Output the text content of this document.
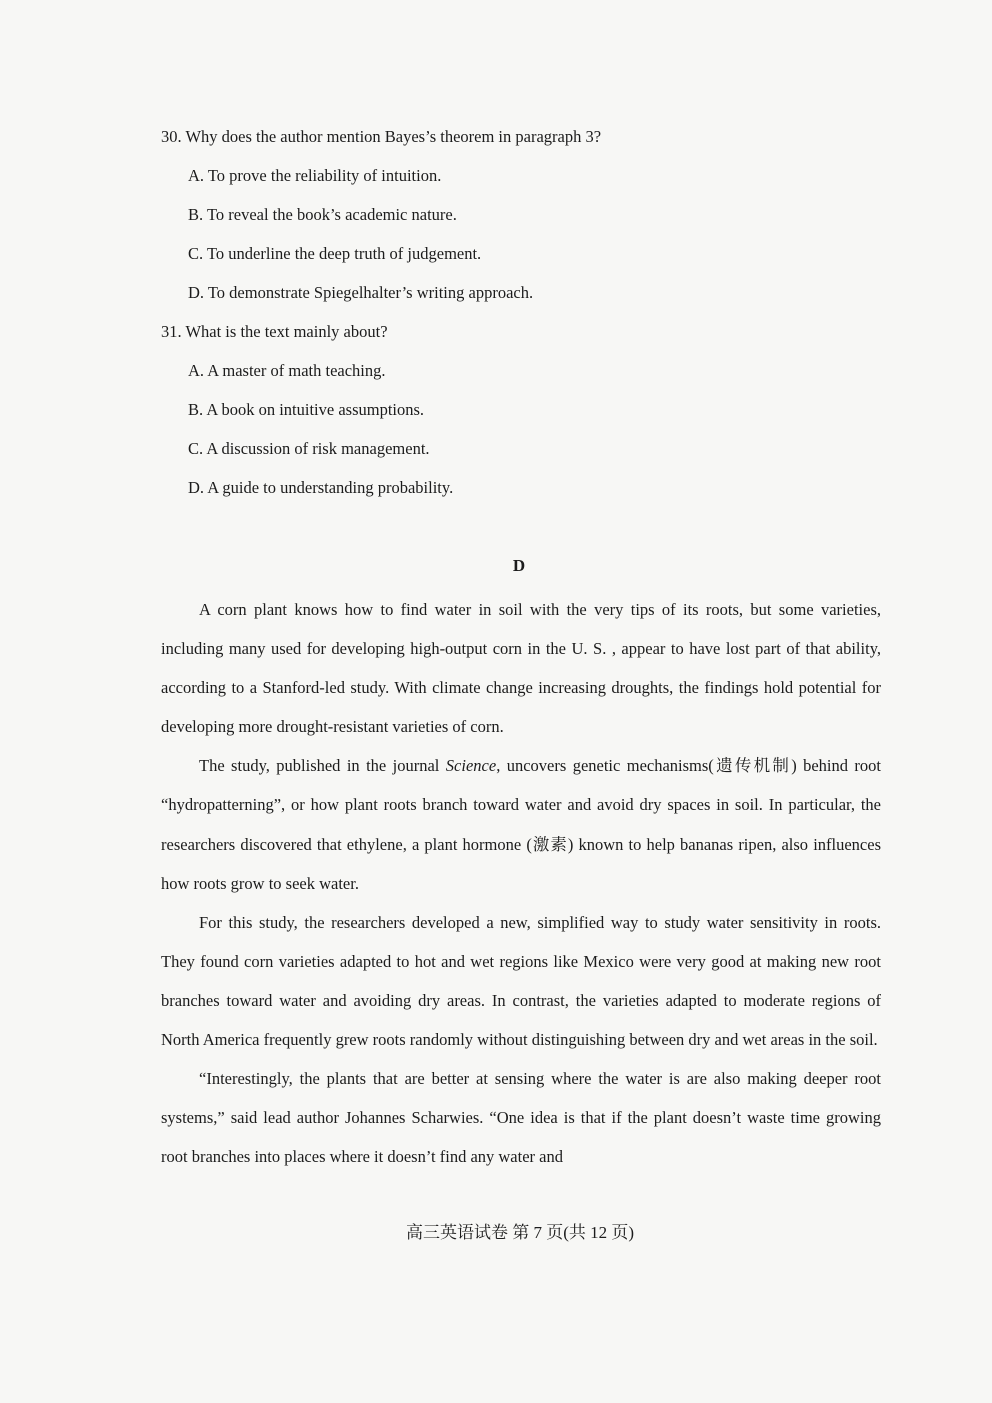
30. Why does the author mention Bayes’s theorem in paragraph 3?
A. To prove the reliability of intuition.
B. To reveal the book’s academic nature.
C. To underline the deep truth of judgement.
D. To demonstrate Spiegelhalter’s writing approach.
31. What is the text mainly about?
A. A master of math teaching.
B. A book on intuitive assumptions.
C. A discussion of risk management.
D. A guide to understanding probability.
D

A corn plant knows how to find water in soil with the very tips of its roots, but some varieties, including many used for developing high-output corn in the U. S. , appear to have lost part of that ability, according to a Stanford-led study. With climate change increasing droughts, the findings hold potential for developing more drought-resistant varieties of corn.

The study, published in the journal Science, uncovers genetic mechanisms(遗传机制) behind root “hydropatterning”, or how plant roots branch toward water and avoid dry spaces in soil. In particular, the researchers discovered that ethylene, a plant hormone (激素) known to help bananas ripen, also influences how roots grow to seek water.

For this study, the researchers developed a new, simplified way to study water sensitivity in roots. They found corn varieties adapted to hot and wet regions like Mexico were very good at making new root branches toward water and avoiding dry areas. In contrast, the varieties adapted to moderate regions of North America frequently grew roots randomly without distinguishing between dry and wet areas in the soil.

“Interestingly, the plants that are better at sensing where the water is are also making deeper root systems,” said lead author Johannes Scharwies. “One idea is that if the plant doesn’t waste time growing root branches into places where it doesn’t find any water and

高三英语试卷 第 7 页(共 12 页)
